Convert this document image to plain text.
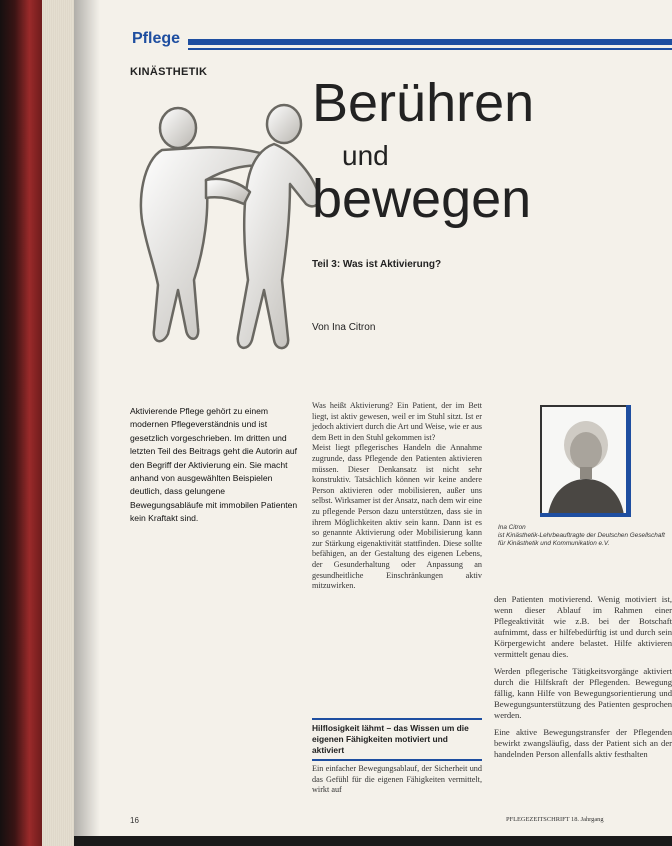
Pflege
KINÄSTHETIK
Berühren
und
bewegen
Teil 3: Was ist Aktivierung?
Von Ina Citron
Aktivierende Pflege gehört zu einem modernen Pflegeverständnis und ist gesetzlich vorgeschrieben. Im dritten und letzten Teil des Beitrags geht die Autorin auf den Begriff der Aktivierung ein. Sie macht anhand von ausgewählten Beispielen deutlich, dass gelungene Bewegungsabläufe mit immobilen Patienten kein Kraftakt sind.

Was heißt Aktivierung? Ein Patient, der im Bett liegt, ist aktiv gewesen, weil er im Stuhl sitzt. Ist er jedoch aktiviert durch die Art und Weise, wie er aus dem Bett in den Stuhl gekommen ist?

Meist liegt pflegerisches Handeln die Annahme zugrunde, dass Pflegende den Patienten aktivieren müssen. Dieser Denkansatz ist nicht sehr konstruktiv. Tatsächlich können wir keine andere Person aktivieren oder mobilisieren, außer uns selbst. Wirksamer ist der Ansatz, nach dem wir eine zu pflegende Person dazu unterstützen, dass sie in ihrem Möglichkeiten aktiv sein kann. Dann ist es so genannte Aktivierung oder Mobilisierung kann zur Stärkung eigenaktivität stattfinden. Diese sollte befähigen, an der Gestaltung des eigenen Lebens, der Gesunderhaltung oder Anpassung an gesundheitliche Einschränkungen aktiv mitzuwirken.

Hilflosigkeit lähmt – das Wissen um die eigenen Fähigkeiten motiviert und aktiviert

Ein einfacher Bewegungsablauf, der Sicherheit und das Gefühl für die eigenen Fähigkeiten vermittelt, wirkt auf

Ina Citron
ist Kinästhetik-Lehrbeauftragte der Deutschen Gesellschaft für Kinästhetik und Kommunikation e.V.

den Patienten motivierend. Wenig motiviert ist, wenn dieser Ablauf im Rahmen einer Pflegeaktivität wie z.B. bei der Botschaft aufnimmt, dass er hilfebedürftig ist und durch sein Körpergewicht andere belastet. Hilfe aktivieren vermittelt genau dies.

Werden pflegerische Tätigkeitsvorgänge aktiviert durch die Hilfskraft der Pflegenden. Bewegung fällig, kann Hilfe von Bewegungsorientierung und Bewegungsunterstützung des Patienten gesprochen werden.

Eine aktive Bewegungstransfer der Pflegenden bewirkt zwangsläufig, dass der Patient sich an der handelnden Person allenfalls aktiv festhalten

16	PFLEGEZEITSCHRIFT 18. Jahrgang
